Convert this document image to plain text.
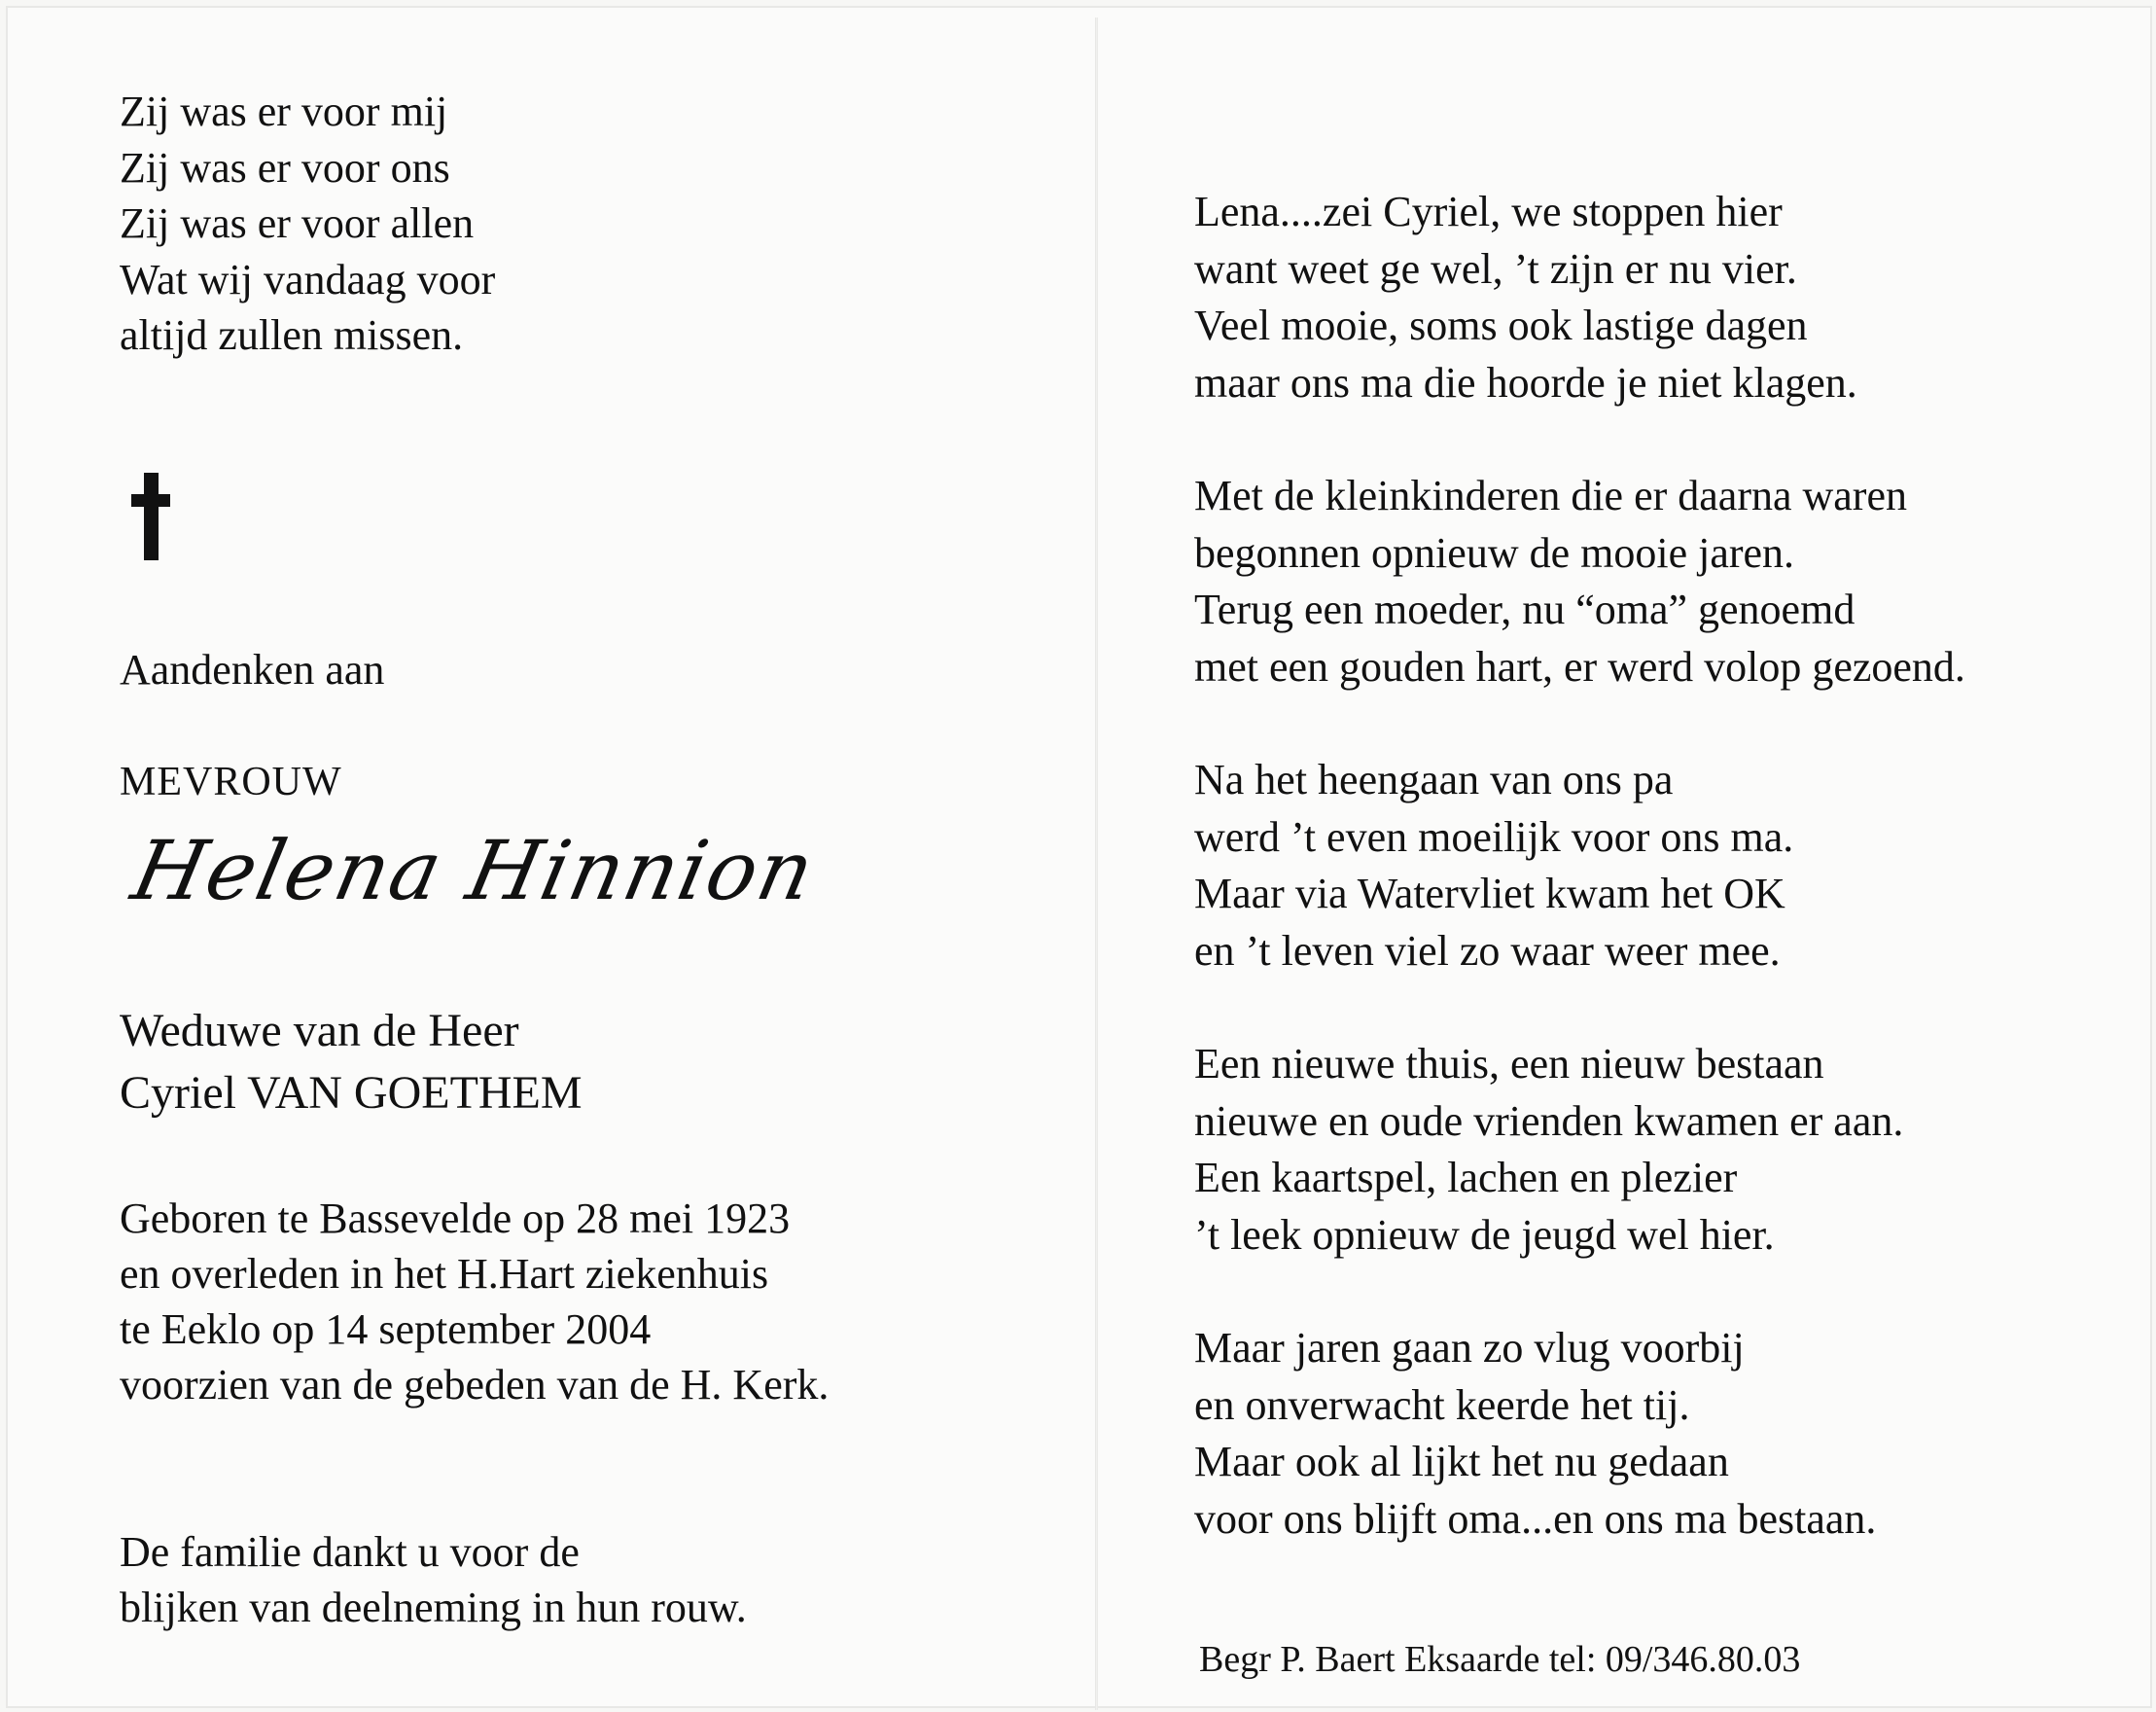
Zij was er voor mij
Zij was er voor ons
Zij was er voor allen
Wat wij vandaag voor
altijd zullen missen.
Aandenken aan
MEVROUW
Helena Hinnion
Weduwe van de Heer
Cyriel VAN GOETHEM
Geboren te Bassevelde op 28 mei 1923
en overleden in het H.Hart ziekenhuis
te Eeklo op 14 september 2004
voorzien van de gebeden van de H. Kerk.
De familie dankt u voor de
blijken van deelneming in hun rouw.
Lena....zei Cyriel, we stoppen hier
want weet ge wel, ’t zijn er nu vier.
Veel mooie, soms ook lastige dagen
maar ons ma die hoorde je niet klagen.
Met de kleinkinderen die er daarna waren
begonnen opnieuw de mooie jaren.
Terug een moeder, nu “oma” genoemd
met een gouden hart, er werd volop gezoend.
Na het heengaan van ons pa
werd ’t even moeilijk voor ons ma.
Maar via Watervliet kwam het OK
en ’t leven viel zo waar weer mee.
Een nieuwe thuis, een nieuw bestaan
nieuwe en oude vrienden kwamen er aan.
Een kaartspel, lachen en plezier
’t leek opnieuw de jeugd wel hier.
Maar jaren gaan zo vlug voorbij
en onverwacht keerde het tij.
Maar ook al lijkt het nu gedaan
voor ons blijft oma...en ons ma bestaan.
Begr P. Baert Eksaarde tel: 09/346.80.03
